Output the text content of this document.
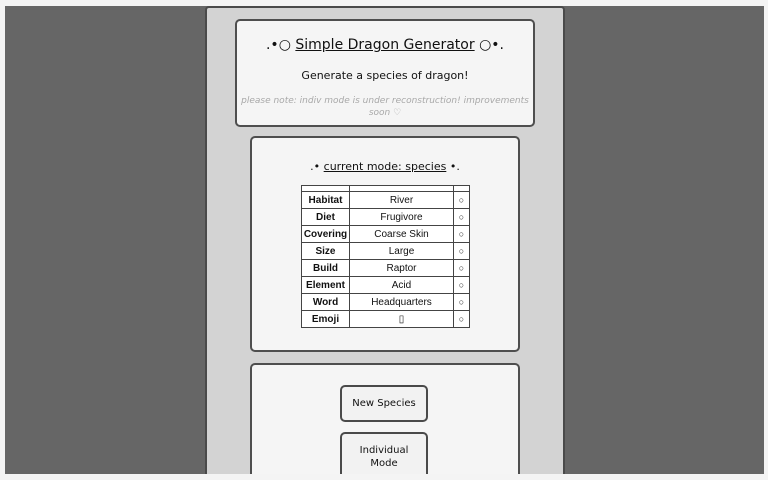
.•○ Simple Dragon Generator ○•.
Generate a species of dragon!
please note: indiv mode is under reconstruction! improvements soon ♡
.• current mode: species •.

Habitat	River	○
Diet	Frugivore	○
Covering	Coarse Skin	○
Size	Large	○
Build	Raptor	○
Element	Acid	○
Word	Headquarters	○
Emoji	▯	○
New Species
Individual Mode
